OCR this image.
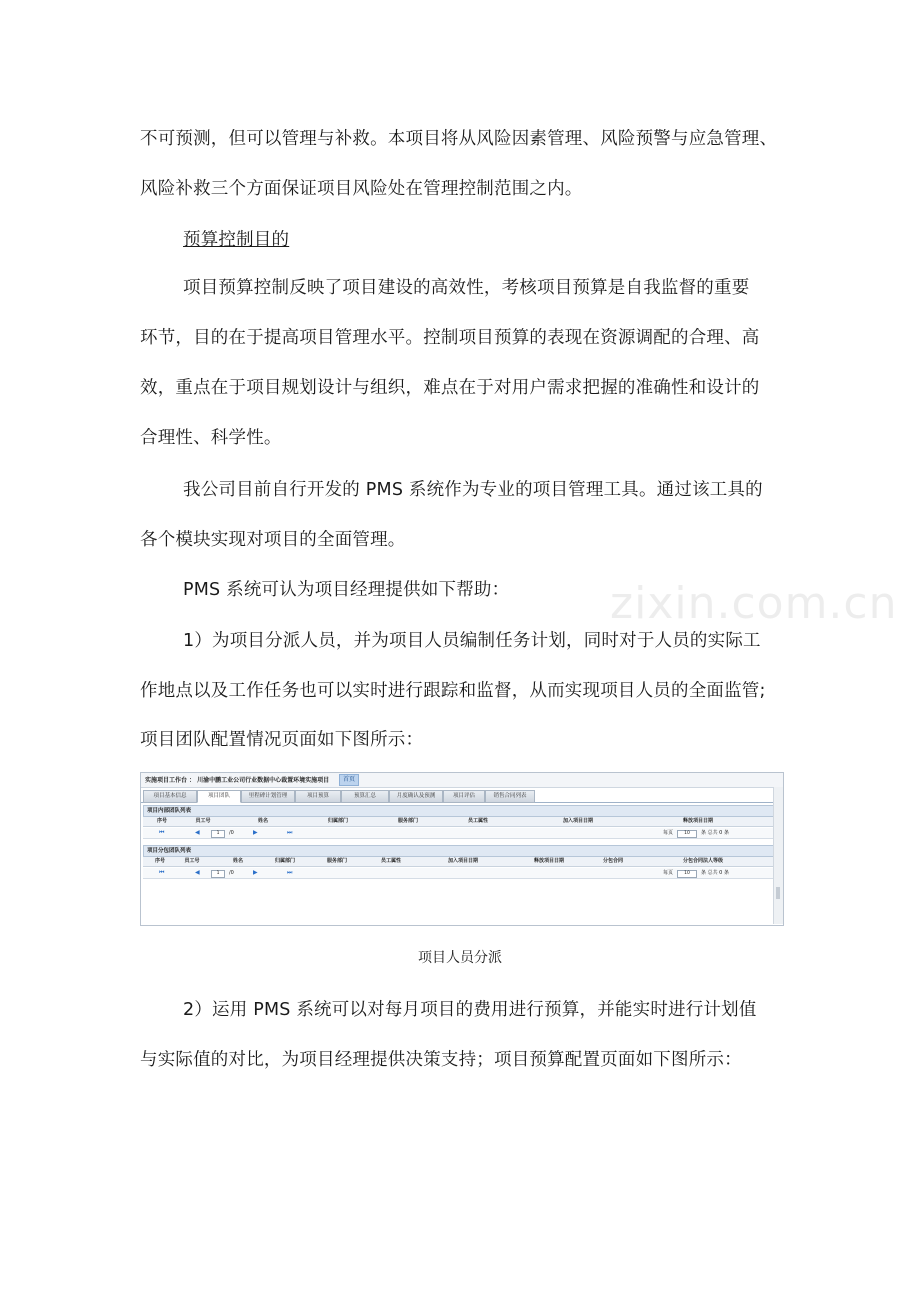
zixin.com.cn
不可预测，但可以管理与补救。本项目将从风险因素管理、风险预警与应急管理、
风险补救三个方面保证项目风险处在管理控制范围之内。
预算控制目的
项目预算控制反映了项目建设的高效性，考核项目预算是自我监督的重要
环节，目的在于提高项目管理水平。控制项目预算的表现在资源调配的合理、高
效，重点在于项目规划设计与组织，难点在于对用户需求把握的准确性和设计的
合理性、科学性。
我公司目前自行开发的 PMS 系统作为专业的项目管理工具。通过该工具的
各个模块实现对项目的全面管理。
PMS 系统可认为项目经理提供如下帮助：
1）为项目分派人员，并为项目人员编制任务计划，同时对于人员的实际工
作地点以及工作任务也可以实时进行跟踪和监督，从而实现项目人员的全面监管;
项目团队配置情况页面如下图所示：
实施项目工作台 ： 川渝中鹏工业公司行业数据中心裁置环境实施项目	首页
项目基本信息	项目团队	里程碑计划管理	项目预算	预算汇总	月度确认及预测	项目评估	销售合同列表
项目内部团队列表
序号	员工号	姓名	归属部门	服务部门	员工属性	加入项目日期	释放项目日期
⏮	◀	1	/0	▶	⏭	每页	10	条 总共 0 条
项目分包团队列表
序号	员工号	姓名	归属部门	服务部门	员工属性	加入项目日期	释放项目日期	分包合同	分包合同法人等级
⏮	◀	1	/0	▶	⏭	每页	10	条 总共 0 条
项目人员分派
2）运用 PMS 系统可以对每月项目的费用进行预算，并能实时进行计划值
与实际值的对比，为项目经理提供决策支持；项目预算配置页面如下图所示：
